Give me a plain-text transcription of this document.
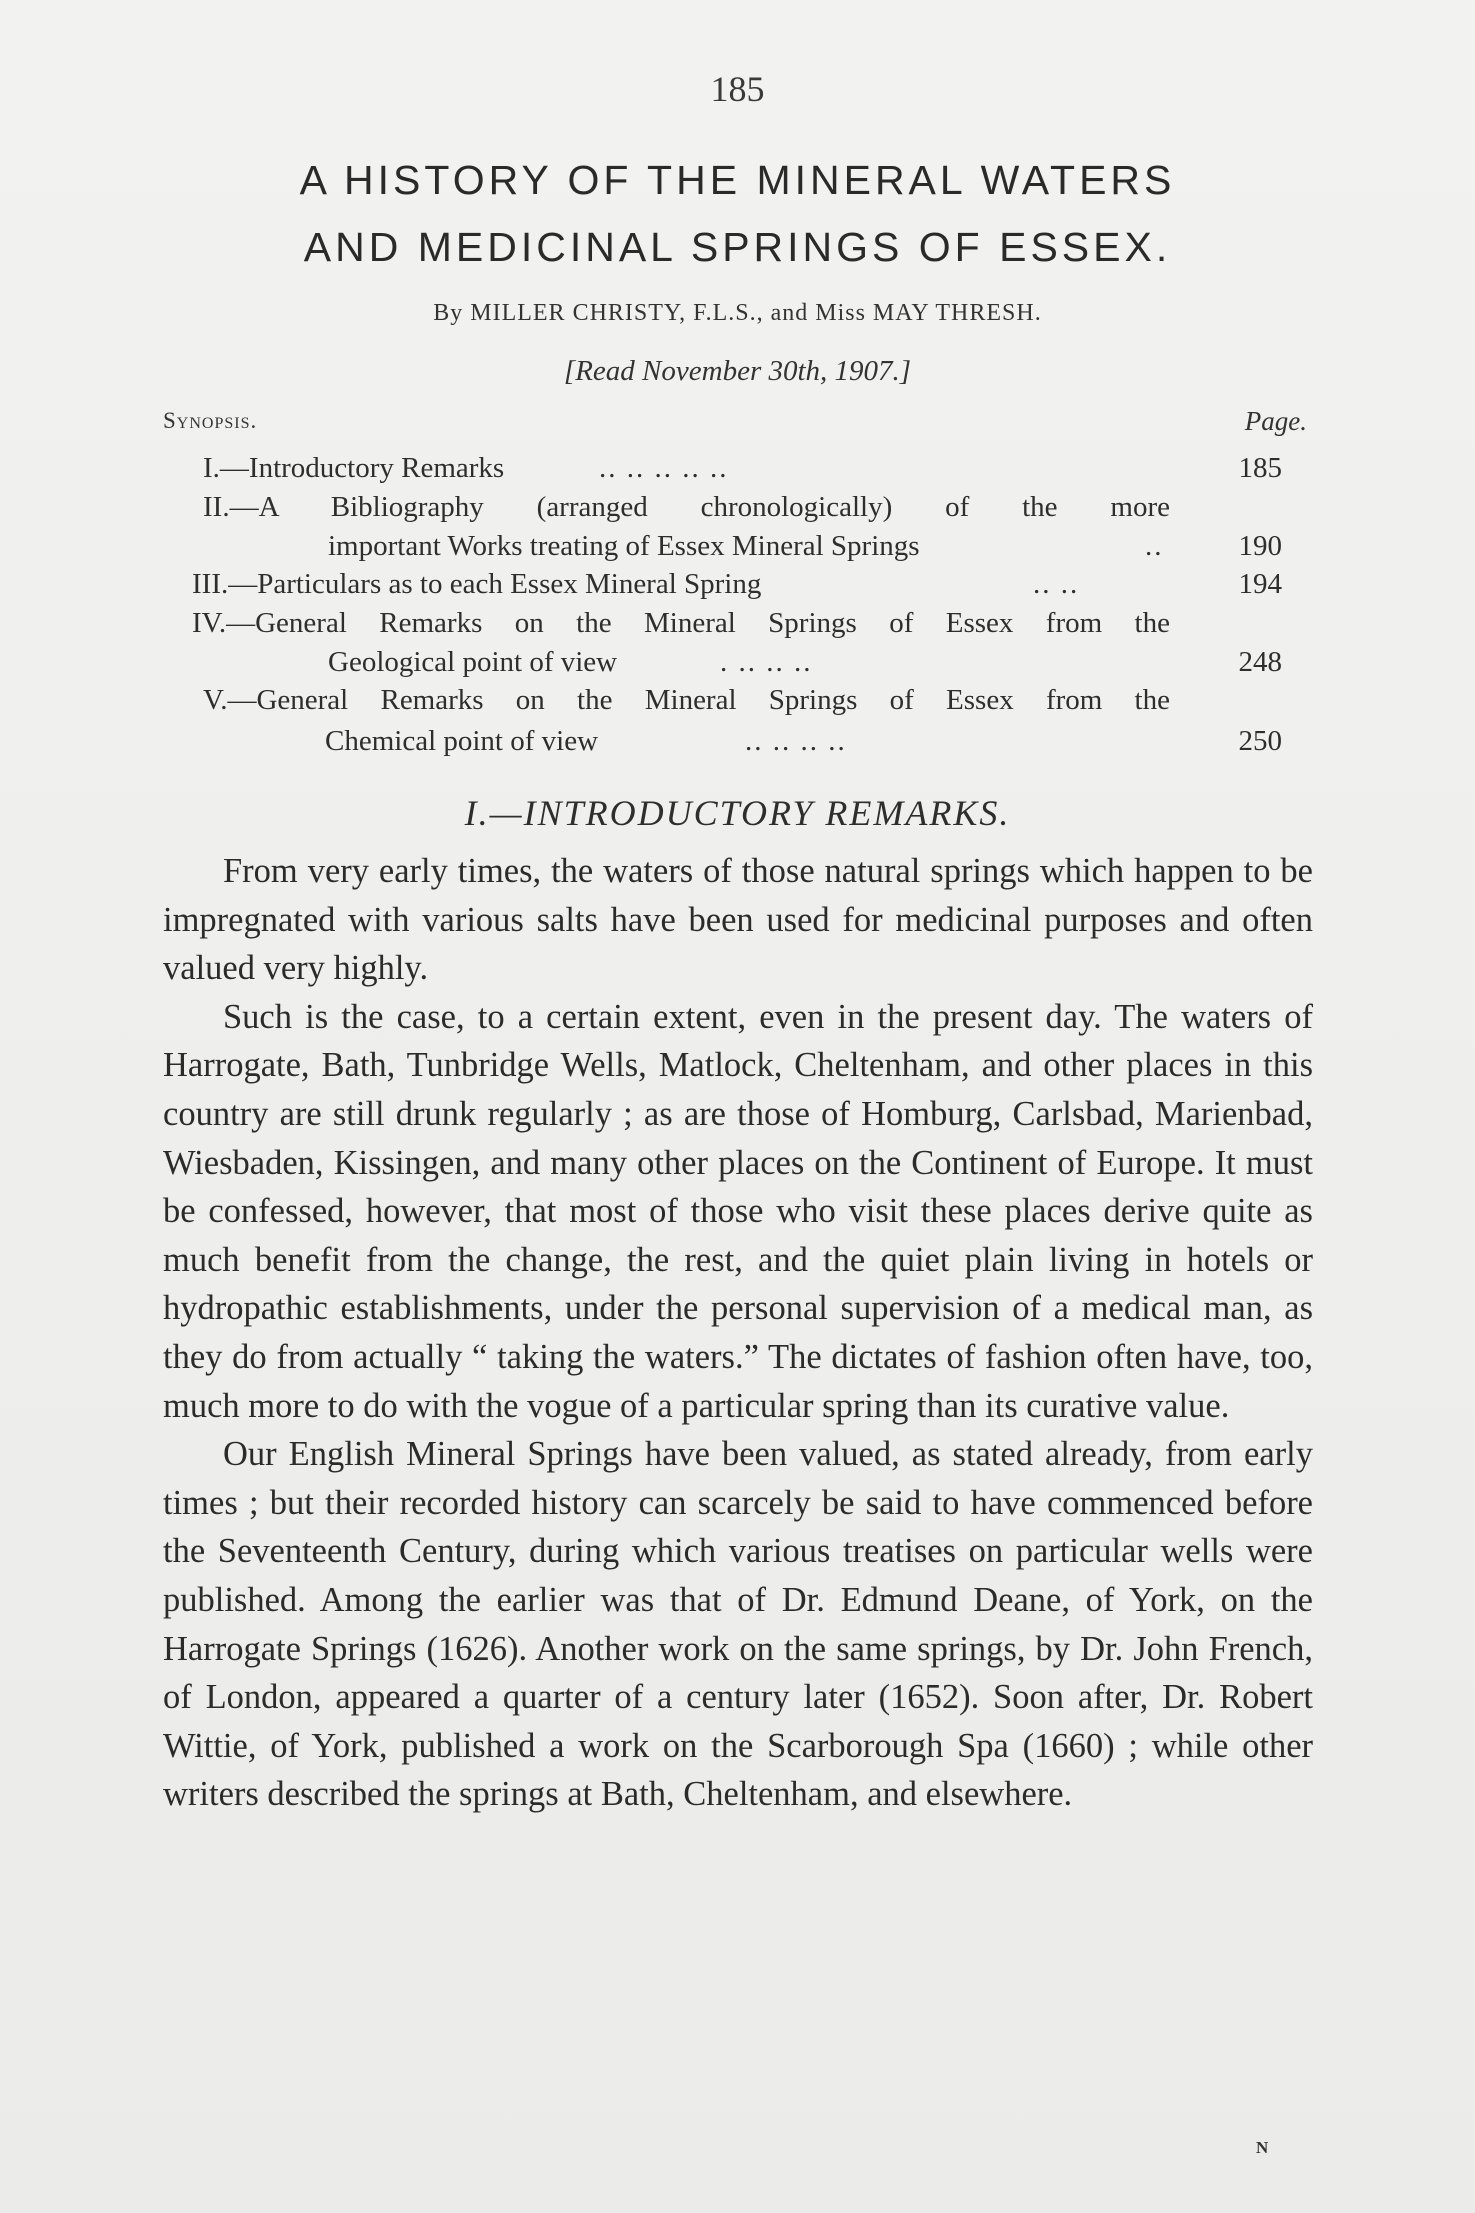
185
A HISTORY OF THE MINERAL WATERS
AND MEDICINAL SPRINGS OF ESSEX.
By MILLER CHRISTY, F.L.S., and Miss MAY THRESH.
[Read November 30th, 1907.]
Synopsis.	Page.
I.—Introductory Remarks	.. .. .. .. ..	185
II.—A Bibliography (arranged chronologically) of the more
important Works treating of Essex Mineral Springs	..	190
III.—Particulars as to each Essex Mineral Spring	.. ..	194
IV.—General Remarks on the Mineral Springs of Essex from the
Geological point of view	. .. .. ..	248
V.—General Remarks on the Mineral Springs of Essex from the
Chemical point of view	.. .. .. ..	250
I.—INTRODUCTORY REMARKS.

From very early times, the waters of those natural springs which happen to be impregnated with various salts have been used for medicinal purposes and often valued very highly.

Such is the case, to a certain extent, even in the present day. The waters of Harrogate, Bath, Tunbridge Wells, Matlock, Cheltenham, and other places in this country are still drunk regularly ; as are those of Homburg, Carlsbad, Marienbad, Wiesbaden, Kissingen, and many other places on the Continent of Europe. It must be confessed, however, that most of those who visit these places derive quite as much benefit from the change, the rest, and the quiet plain living in hotels or hydropathic establishments, under the personal supervision of a medical man, as they do from actually “ taking the waters.” The dictates of fashion often have, too, much more to do with the vogue of a particular spring than its curative value.

Our English Mineral Springs have been valued, as stated already, from early times ; but their recorded history can scarcely be said to have commenced before the Seventeenth Century, during which various treatises on particular wells were published. Among the earlier was that of Dr. Edmund Deane, of York, on the Harrogate Springs (1626). Another work on the same springs, by Dr. John French, of London, appeared a quarter of a century later (1652). Soon after, Dr. Robert Wittie, of York, published a work on the Scarborough Spa (1660) ; while other writers described the springs at Bath, Cheltenham, and elsewhere.

N
